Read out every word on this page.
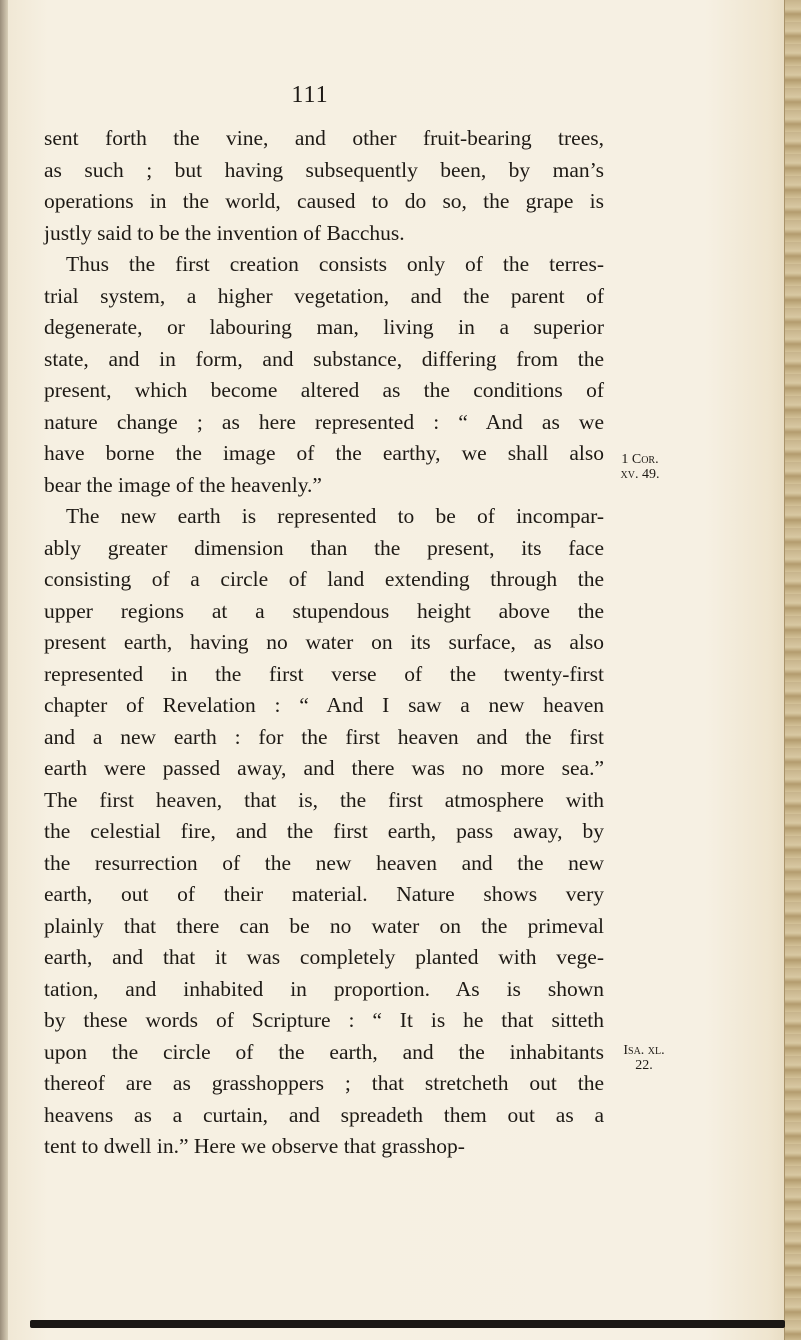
111
sent forth the vine, and other fruit-bearing trees,
as such ; but having subsequently been, by man’s
operations in the world, caused to do so, the grape is
justly said to be the invention of Bacchus.
Thus the first creation consists only of the terres-
trial system, a higher vegetation, and the parent of
degenerate, or labouring man, living in a superior
state, and in form, and substance, differing from the
present, which become altered as the conditions of
nature change ; as here represented : “ And as we
have borne the image of the earthy, we shall also
bear the image of the heavenly.”
The new earth is represented to be of incompar-
ably greater dimension than the present, its face
consisting of a circle of land extending through the
upper regions at a stupendous height above the
present earth, having no water on its surface, as also
represented in the first verse of the twenty-first
chapter of Revelation : “ And I saw a new heaven
and a new earth : for the first heaven and the first
earth were passed away, and there was no more sea.”
The first heaven, that is, the first atmosphere with
the celestial fire, and the first earth, pass away, by
the resurrection of the new heaven and the new
earth, out of their material. Nature shows very
plainly that there can be no water on the primeval
earth, and that it was completely planted with vege-
tation, and inhabited in proportion. As is shown
by these words of Scripture : “ It is he that sitteth
upon the circle of the earth, and the inhabitants
thereof are as grasshoppers ; that stretcheth out the
heavens as a curtain, and spreadeth them out as a
tent to dwell in.” Here we observe that grasshop-
1 Cor.
xv. 49.
Isa. xl.
22.
